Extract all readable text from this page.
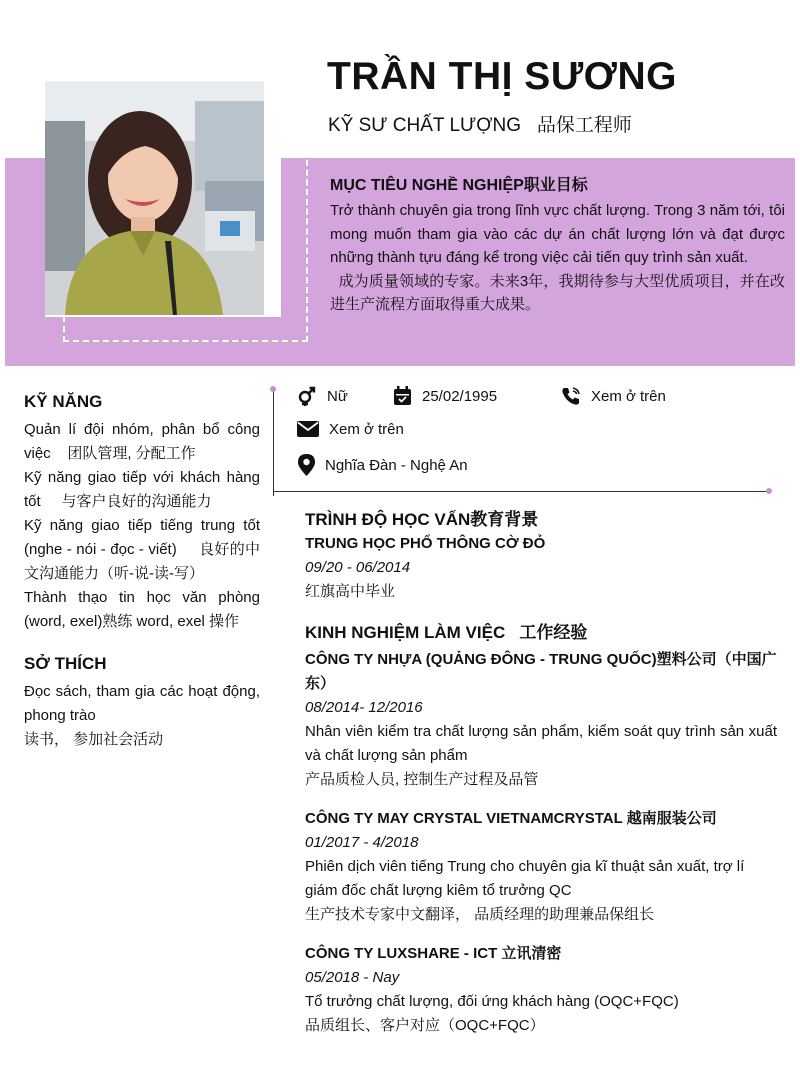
TRẦN THỊ SƯƠNG
KỸ SƯ CHẤT LƯỢNG   品保工程师
MỤC TIÊU NGHỀ NGHIỆP职业目标

Trở thành chuyên gia trong lĩnh vực chất lượng. Trong 3 năm tới, tôi mong muốn tham gia vào các dự án chất lượng lớn và đạt được những thành tựu đáng kể trong việc cải tiến quy trình sản xuất.

成为质量领域的专家。未来3年，我期待参与大型优质项目，并在改进生产流程方面取得重大成果。

KỸ NĂNG

Quản lí đội nhóm, phân bổ công việc    团队管理, 分配工作

Kỹ năng giao tiếp với khách hàng tốt     与客户良好的沟通能力

Kỹ năng giao tiếp tiếng trung tốt (nghe - nói - đọc - viết)     良好的中文沟通能力（听-说-读-写）

Thành thạo tin học văn phòng (word, exel)熟练 word, exel 操作

SỞ THÍCH

Đọc sách, tham gia các hoạt động, phong trào

读书， 参加社会活动

Nữ	25/02/1995	Xem ở trên
Xem ở trên
Nghĩa Đàn - Nghệ An
TRÌNH ĐỘ HỌC VẤN教育背景
TRUNG HỌC PHỔ THÔNG CỜ ĐỎ
09/20 - 06/2014
红旗高中毕业
KINH NGHIỆM LÀM VIỆC   工作经验
CÔNG TY NHỰA (QUẢNG ĐÔNG - TRUNG QUỐC)塑料公司（中国广东）
08/2014- 12/2016
Nhân viên kiểm tra chất lượng sản phẩm, kiểm soát quy trình sản xuất và chất lượng sản phẩm
产品质检人员, 控制生产过程及品管
CÔNG TY MAY CRYSTAL VIETNAMCRYSTAL 越南服装公司
01/2017 - 4/2018
Phiên dịch viên tiếng Trung cho chuyên gia kĩ thuật sản xuất, trợ lí giám đốc chất lượng kiêm tổ trưởng QC
生产技术专家中文翻译， 品质经理的助理兼品保组长
CÔNG TY LUXSHARE - ICT 立讯清密
05/2018 - Nay
Tổ trưởng chất lượng, đối ứng khách hàng (OQC+FQC)
品质组长、客户对应（OQC+FQC）
